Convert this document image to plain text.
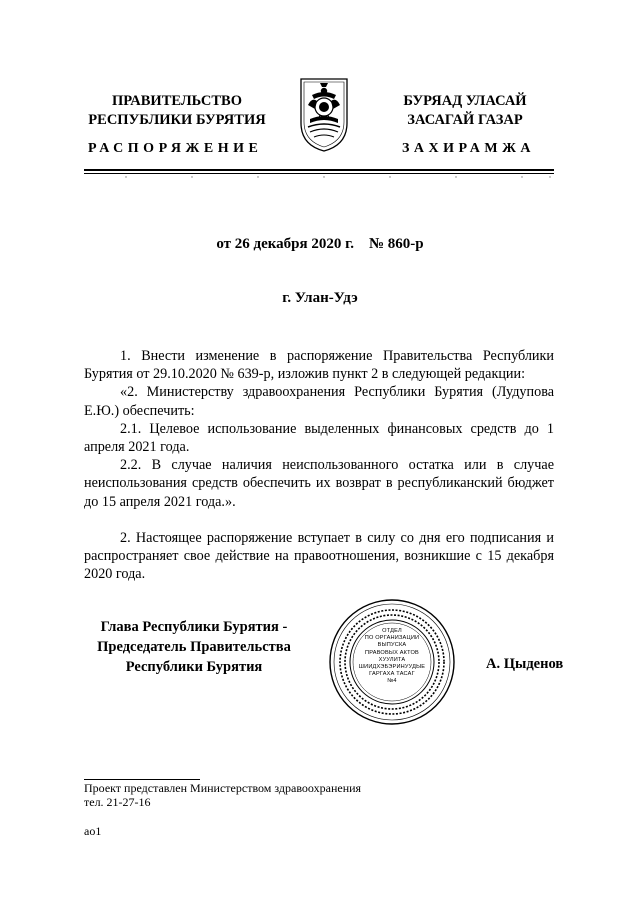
ПРАВИТЕЛЬСТВО
РЕСПУБЛИКИ БУРЯТИЯ
БУРЯАД УЛАСАЙ
ЗАСАГАЙ ГАЗАР
РАСПОРЯЖЕНИЕ	ЗАХИРАМЖА
от 26 декабря 2020 г.    № 860-р
г. Улан-Удэ

1. Внести изменение в распоряжение Правительства Республики Бурятия от 29.10.2020 № 639-р, изложив пункт 2 в следующей редакции:

«2. Министерству здравоохранения Республики Бурятия (Лудупова Е.Ю.) обеспечить:

2.1. Целевое использование выделенных финансовых средств до 1 апреля 2021 года.

2.2. В случае наличия неиспользованного остатка или в случае неиспользования средств обеспечить их возврат в республиканский бюджет до 15 апреля 2021 года.».

2. Настоящее распоряжение вступает в силу со дня его подписания и распространяет свое действие на правоотношения, возникшие с 15 декабря 2020 года.

Глава Республики Бурятия -
Председатель Правительства
Республики Бурятия
ОТДЕЛ
ПО ОРГАНИЗАЦИИ
ВЫПУСКА
ПРАВОВЫХ АКТОВ
ХУУЛИТА
ШИИДХЭБЭРИНУУДЫЕ
ГАРГАХА ТАСАГ
№4
А. Цыденов
Проект представлен Министерством здравоохранения
тел. 21-27-16
ао1
